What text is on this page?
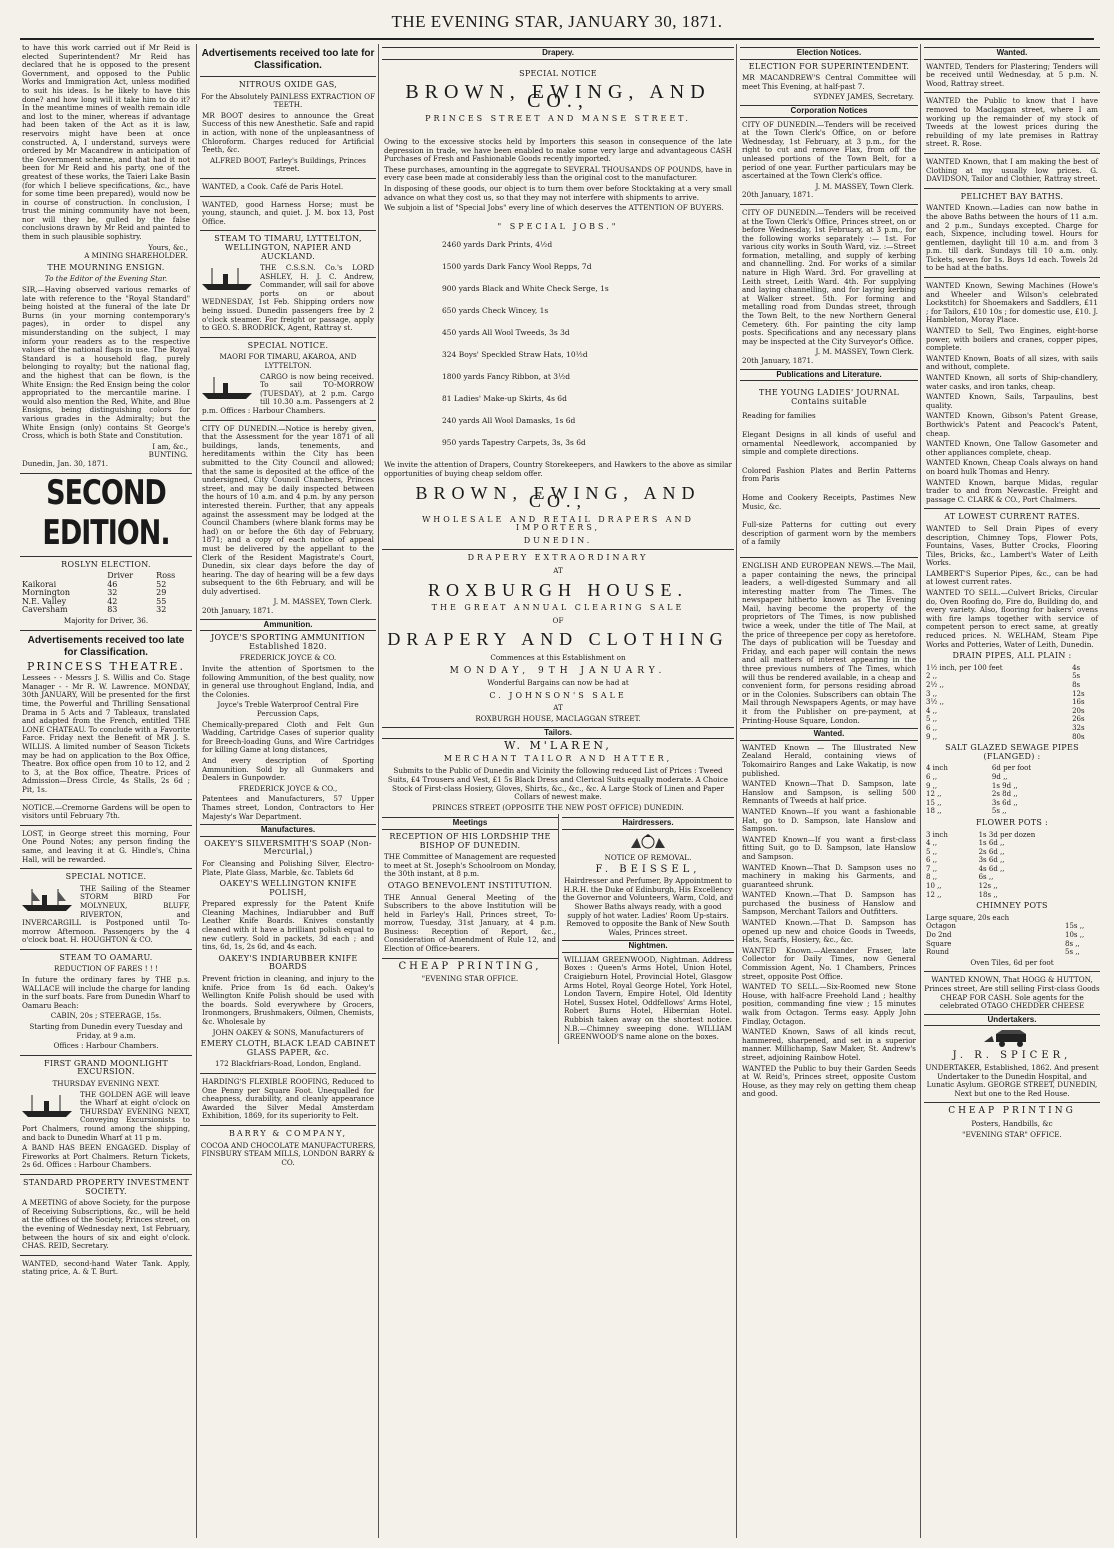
THE EVENING STAR, JANUARY 30, 1871.

to have this work carried out if Mr Reid is elected Superintendent? Mr Reid has declared that he is opposed to the present Government, and opposed to the Public Works and Immigration Act, unless modified to suit his ideas. Is he likely to have this done? and how long will it take him to do it? In the meantime mines of wealth remain idle and lost to the miner, whereas if advantage had been taken of the Act as it is law, reservoirs might have been at once constructed. A, I understand, surveys were ordered by Mr Macandrew in anticipation of the Government scheme, and that had it not been for Mr Reid and his party, one of the greatest of these works, the Taieri Lake Basin (for which I believe specifications, &c., have for some time been prepared), would now be in course of construction. In conclusion, I trust the mining community have not been, nor will they be, gulled by the false conclusions drawn by Mr Reid and painted to them in such plausible sophistry.

Yours, &c.,

A MINING SHAREHOLDER.

THE MOURNING ENSIGN.
To the Editor of the Evening Star.

SIR,—Having observed various remarks of late with reference to the "Royal Standard" being hoisted at the funeral of the late Dr Burns (in your morning contemporary's pages), in order to dispel any misunderstanding on the subject, I may inform your readers as to the respective values of the national flags in use. The Royal Standard is a household flag, purely belonging to royalty; but the national flag, and the highest that can be flown, is the White Ensign: the Red Ensign being the color appropriated to the mercantile marine. I would also mention the Red, White, and Blue Ensigns, being distinguishing colors for various grades in the Admiralty; but the White Ensign (only) contains St George's Cross, which is both State and Constitution.

I am, &c.,

BUNTING.

Dunedin, Jan. 30, 1871.

SECOND EDITION.
ROSLYN ELECTION.
	Driver	Ross
Kaikorai	46	52
Mornington	32	29
N.E. Valley	42	55
Caversham	83	32
Majority for Driver, 36.
Advertisements received too late for Classification.
PRINCESS THEATRE.

Lessees - - Messrs J. S. Willis and Co. Stage Manager - - Mr R. W. Lawrence. MONDAY, 30th JANUARY, Will be presented for the first time, the Powerful and Thrilling Sensational Drama in 5 Acts and 7 Tableaux, translated and adapted from the French, entitled THE LONE CHATEAU. To conclude with a Favorite Farce. Friday next the Benefit of MR J. S. WILLIS. A limited number of Season Tickets may be had on application to the Box Office, Theatre. Box office open from 10 to 12, and 2 to 3, at the Box office, Theatre. Prices of Admission—Dress Circle, 4s Stalls, 2s 6d ; Pit, 1s.

NOTICE.—Cremorne Gardens will be open to visitors until February 7th.

LOST, in George street this morning, Four One Pound Notes; any person finding the same, and leaving it at G. Hindle's, China Hall, will be rewarded.

SPECIAL NOTICE.

THE Sailing of the Steamer STORM BIRD For MOLYNEUX, BLUFF, RIVERTON, and INVERCARGILL is Postponed until To-morrow Afternoon. Passengers by the 4 o'clock boat. H. HOUGHTON & CO.

STEAM TO OAMARU.
REDUCTION OF FARES ! ! !

In future the ordinary fares by THE p.s. WALLACE will include the charge for landing in the surf boats. Fare from Dunedin Wharf to Oamaru Beach:

CABIN, 20s ; STEERAGE, 15s.
Starting from Dunedin every Tuesday and Friday, at 9 a.m.
Offices : Harbour Chambers.
FIRST GRAND MOONLIGHT EXCURSION.
THURSDAY EVENING NEXT.

THE GOLDEN AGE will leave the Wharf at eight o'clock on THURSDAY EVENING NEXT, Conveying Excursionists to Port Chalmers, round among the shipping, and back to Dunedin Wharf at 11 p m.

A BAND HAS BEEN ENGAGED. Display of Fireworks at Port Chalmers. Return Tickets, 2s 6d. Offices : Harbour Chambers.

STANDARD PROPERTY INVESTMENT SOCIETY.

A MEETING of above Society, for the purpose of Receiving Subscriptions, &c., will be held at the offices of the Society, Princes street, on the evening of Wednesday next, 1st February, between the hours of six and eight o'clock. CHAS. REID, Secretary.

WANTED, second-hand Water Tank. Apply, stating price, A. & T. Burt.

Advertisements received too late for Classification.
NITROUS OXIDE GAS,
For the Absolutely PAINLESS EXTRACTION OF TEETH.

MR BOOT desires to announce the Great Success of this new Anesthetic. Safe and rapid in action, with none of the unpleasantness of Chloroform. Charges reduced for Artificial Teeth, &c.

ALFRED BOOT, Farley's Buildings, Princes street.

WANTED, a Cook. Café de Paris Hotel.

WANTED, good Harness Horse; must be young, staunch, and quiet. J. M. box 13, Post Office.

STEAM TO TIMARU, LYTTELTON, WELLINGTON, NAPIER AND AUCKLAND.

THE C.S.S.N. Co.'s LORD ASHLEY, H. J. C. Andrew, Commander, will sail for above ports on or about WEDNESDAY, 1st Feb. Shipping orders now being issued. Dunedin passengers free by 2 o'clock steamer. For freight or passage, apply to GEO. S. BRODRICK, Agent, Rattray st.

SPECIAL NOTICE.
MAORI FOR TIMARU, AKAROA, AND LYTTELTON.

CARGO is now being received. To sail TO-MORROW (TUESDAY), at 2 p.m. Cargo till 10.30 a.m. Passengers at 2 p.m. Offices : Harbour Chambers.

CITY OF DUNEDIN.—Notice is hereby given, that the Assessment for the year 1871 of all buildings, lands, tenements, and hereditaments within the City has been submitted to the City Council and allowed; that the same is deposited at the office of the undersigned, City Council Chambers, Princes street, and may be daily inspected between the hours of 10 a.m. and 4 p.m. by any person interested therein. Further, that any appeals against the assessment may be lodged at the Council Chambers (where blank forms may be had) on or before the 6th day of February, 1871; and a copy of each notice of appeal must be delivered by the appellant to the Clerk of the Resident Magistrate's Court, Dunedin, six clear days before the day of hearing. The day of hearing will be a few days subsequent to the 6th February, and will be duly advertised.

J. M. MASSEY, Town Clerk.

20th January, 1871.

Ammunition.
JOYCE'S SPORTING AMMUNITION Established 1820.
FREDERICK JOYCE & CO.

Invite the attention of Sportsmen to the following Ammunition, of the best quality, now in general use throughout England, India, and the Colonies.

Joyce's Treble Waterproof Central Fire Percussion Caps,

Chemically-prepared Cloth and Felt Gun Wadding, Cartridge Cases of superior quality for Breech-loading Guns, and Wire Cartridges for killing Game at long distances,

And every description of Sporting Ammunition. Sold by all Gunmakers and Dealers in Gunpowder.

FREDERICK JOYCE & CO.,

Patentees and Manufacturers, 57 Upper Thames street, London, Contractors to Her Majesty's War Department.

Manufactures.
OAKEY'S SILVERSMITH'S SOAP (Non-Mercurial,)

For Cleansing and Polishing Silver, Electro-Plate, Plate Glass, Marble, &c. Tablets 6d

OAKEY'S WELLINGTON KNIFE POLISH,

Prepared expressly for the Patent Knife Cleaning Machines, Indiarubber and Buff Leather Knife Boards. Knives constantly cleaned with it have a brilliant polish equal to new cutlery. Sold in packets, 3d each ; and tins, 6d, 1s, 2s 6d, and 4s each.

OAKEY'S INDIARUBBER KNIFE BOARDS

Prevent friction in cleaning, and injury to the knife. Price from 1s 6d each. Oakey's Wellington Knife Polish should be used with the boards. Sold everywhere by Grocers, Ironmongers, Brushmakers, Oilmen, Chemists, &c. Wholesale by

JOHN OAKEY & SONS, Manufacturers of
EMERY CLOTH, BLACK LEAD CABINET GLASS PAPER, &c.
172 Blackfriars-Road, London, England.

HARDING'S FLEXIBLE ROOFING, Reduced to One Penny per Square Foot. Unequalled for cheapness, durability, and cleanly appearance Awarded the Silver Medal Amsterdam Exhibition, 1869, for its superiority to Felt.

BARRY & COMPANY,
COCOA AND CHOCOLATE MANUFACTURERS, FINSBURY STEAM MILLS, LONDON BARRY & CO.
Drapery.
SPECIAL NOTICE
BROWN, EWING, AND CO.,
PRINCES STREET AND MANSE STREET.

Owing to the excessive stocks held by Importers this season in consequence of the late depression in trade, we have been enabled to make some very large and advantageous CASH Purchases of Fresh and Fashionable Goods recently imported.

These purchases, amounting in the aggregate to SEVERAL THOUSANDS OF POUNDS, have in every case been made at considerably less than the original cost to the manufacturer.

In disposing of these goods, our object is to turn them over before Stocktaking at a very small advance on what they cost us, so that they may not interfere with shipments to arrive.

We subjoin a list of "Special Jobs" every line of which deserves the ATTENTION OF BUYERS.

" SPECIAL JOBS."
2460 yards Dark Prints, 4½d
1500 yards Dark Fancy Wool Repps, 7d
900 yards Black and White Check Serge, 1s
650 yards Check Wincey, 1s
450 yards All Wool Tweeds, 3s 3d
324 Boys' Speckled Straw Hats, 10½d
1800 yards Fancy Ribbon, at 3½d
81 Ladies' Make-up Skirts, 4s 6d
240 yards All Wool Damasks, 1s 6d
950 yards Tapestry Carpets, 3s, 3s 6d

We invite the attention of Drapers, Country Storekeepers, and Hawkers to the above as similar opportunities of buying cheap seldom offer.

BROWN, EWING, AND CO.,
WHOLESALE AND RETAIL DRAPERS AND IMPORTERS,
DUNEDIN.
DRAPERY EXTRAORDINARY
AT
ROXBURGH HOUSE.
THE GREAT ANNUAL CLEARING SALE
OF
DRAPERY AND CLOTHING
Commences at this Establishment on
MONDAY, 9TH JANUARY.
Wonderful Bargains can now be had at
C. JOHNSON'S SALE
AT
ROXBURGH HOUSE, MACLAGGAN STREET.
Tailors.
W. M'LAREN,
MERCHANT TAILOR AND HATTER,

Submits to the Public of Dunedin and Vicinity the following reduced List of Prices : Tweed Suits, £4 Trousers and Vest, £1 5s Black Dress and Clerical Suits equally moderate. A Choice Stock of First-class Hosiery, Gloves, Shirts, &c., &c., &c. A Large Stock of Linen and Paper Collars of newest make.

PRINCES STREET (OPPOSITE THE NEW POST OFFICE) DUNEDIN.
Meetings
RECEPTION OF HIS LORDSHIP THE BISHOP OF DUNEDIN.

THE Committee of Management are requested to meet at St. Joseph's Schoolroom on Monday, the 30th instant, at 8 p.m.

OTAGO BENEVOLENT INSTITUTION.

THE Annual General Meeting of the Subscribers to the above Institution will be held in Farley's Hall, Princes street, To-morrow, Tuesday, 31st January, at 4 p.m. Business: Reception of Report, &c., Consideration of Amendment of Rule 12, and Election of Office-bearers.

CHEAP PRINTING,
"EVENING STAR OFFICE.
Hairdressers.
NOTICE OF REMOVAL.
F. BEISSEL,

Hairdresser and Perfumer, By Appointment to H.R.H. the Duke of Edinburgh, His Excellency the Governor and Volunteers, Warm, Cold, and Shower Baths always ready, with a good supply of hot water. Ladies' Room Up-stairs. Removed to opposite the Bank of New South Wales, Princes street.

Nightmen.

WILLIAM GREENWOOD, Nightman. Address Boxes : Queen's Arms Hotel, Union Hotel, Craigieburn Hotel, Provincial Hotel, Glasgow Arms Hotel, Royal George Hotel, York Hotel, London Tavern, Empire Hotel, Old Identity Hotel, Sussex Hotel, Oddfellows' Arms Hotel, Robert Burns Hotel, Hibernian Hotel. Rubbish taken away on the shortest notice. N.B.—Chimney sweeping done. WILLIAM GREENWOOD'S name alone on the boxes.

Election Notices.
ELECTION FOR SUPERINTENDENT.

MR MACANDREW'S Central Committee will meet This Evening, at half-past 7.

SYDNEY JAMES, Secretary.

Corporation Notices

CITY OF DUNEDIN.—Tenders will be received at the Town Clerk's Office, on or before Wednesday, 1st February, at 3 p.m., for the right to cut and remove Flax, from off the unleased portions of the Town Belt, for a period of one year. Further particulars may be ascertained at the Town Clerk's office.

J. M. MASSEY, Town Clerk.

20th January, 1871.

CITY OF DUNEDIN.—Tenders will be received at the Town Clerk's Office, Princes street, on or before Wednesday, 1st February, at 3 p.m., for the following works separately :— 1st. For various city works in South Ward, viz. :—Street formation, metalling, and supply of kerbing and channelling. 2nd. For works of a similar nature in High Ward. 3rd. For gravelling at Leith street, Leith Ward. 4th. For supplying and laying channelling, and for laying kerbing at Walker street. 5th. For forming and metalling road from Dundas street, through the Town Belt, to the new Northern General Cemetery. 6th. For painting the city lamp posts. Specifications and any necessary plans may be inspected at the City Surveyor's Office.

J. M. MASSEY, Town Clerk.

20th January, 1871.

Publications and Literature.
THE YOUNG LADIES' JOURNAL Contains suitable

Reading for families

Elegant Designs in all kinds of useful and ornamental Needlework, accompanied by simple and complete directions.

Colored Fashion Plates and Berlin Patterns from Paris

Home and Cookery Receipts, Pastimes New Music, &c.

Full-size Patterns for cutting out every description of garment worn by the members of a family

ENGLISH AND EUROPEAN NEWS.—The Mail, a paper containing the news, the principal leaders, a well-digested Summary and all interesting matter from The Times. The newspaper hitherto known as The Evening Mail, having become the property of the proprietors of The Times, is now published twice a week, under the title of The Mail, at the price of threepence per copy as heretofore. The days of publication will be Tuesday and Friday, and each paper will contain the news and all matters of interest appearing in the three previous numbers of The Times, which will thus be rendered available, in a cheap and convenient form, for persons residing abroad or in the Colonies. Subscribers can obtain The Mail through Newspapers Agents, or may have it from the Publisher on pre-payment, at Printing-House Square, London.

Wanted.

WANTED Known — The Illustrated New Zealand Herald, containing views of Tokomairiro Ranges and Lake Wakatip, is now published.

WANTED Known—That D. Sampson, late Hanslow and Sampson, is selling 500 Remnants of Tweeds at half price.

WANTED Known—If you want a fashionable Hat, go to D. Sampson, late Hanslow and Sampson.

WANTED Known—If you want a first-class fitting Suit, go to D. Sampson, late Hanslow and Sampson.

WANTED Known—That D. Sampson uses no machinery in making his Garments, and guaranteed shrunk.

WANTED Known.—That D. Sampson has purchased the business of Hanslow and Sampson, Merchant Tailors and Outfitters.

WANTED Known.—That D. Sampson has opened up new and choice Goods in Tweeds, Hats, Scarfs, Hosiery, &c., &c.

WANTED Known.—Alexander Fraser, late Collector for Daily Times, now General Commission Agent, No. 1 Chambers, Princes street, opposite Post Office.

WANTED TO SELL.—Six-Roomed new Stone House, with half-acre Freehold Land ; healthy position, commanding fine view ; 15 minutes walk from Octagon. Terms easy. Apply John Findlay, Octagon.

WANTED Known, Saws of all kinds recut, hammered, sharpened, and set in a superior manner. Millichamp, Saw Maker, St. Andrew's street, adjoining Rainbow Hotel.

WANTED the Public to buy their Garden Seeds at W. Reid's, Princes street, opposite Custom House, as they may rely on getting them cheap and good.

Wanted.

WANTED, Tenders for Plastering; Tenders will be received until Wednesday, at 5 p.m. N. Wood, Rattray street.

WANTED the Public to know that I have removed to Maclaggan street, where I am working up the remainder of my stock of Tweeds at the lowest prices during the rebuilding of my late premises in Rattray street. R. Rose.

WANTED Known, that I am making the best of Clothing at my usually low prices. G. DAVIDSON, Tailor and Clothier, Rattray street.

PELICHET BAY BATHS.

WANTED Known.—Ladies can now bathe in the above Baths between the hours of 11 a.m. and 2 p.m., Sundays excepted. Charge for each, Sixpence, including towel. Hours for gentlemen, daylight till 10 a.m. and from 3 p.m. till dark. Sundays till 10 a.m. only. Tickets, seven for 1s. Boys 1d each. Towels 2d to be had at the baths.

WANTED Known, Sewing Machines (Howe's and Wheeler and Wilson's celebrated Lockstitch) for Shoemakers and Saddlers, £11 ; for Tailors, £10 10s ; for domestic use, £10. J. Hambleton, Moray Place.

WANTED to Sell, Two Engines, eight-horse power, with boilers and cranes, copper pipes, complete.

WANTED Known, Boats of all sizes, with sails and without, complete.

WANTED Known, all sorts of Ship-chandlery, water casks, and iron tanks, cheap.

WANTED Known, Sails, Tarpaulins, best quality.

WANTED Known, Gibson's Patent Grease, Borthwick's Patent and Peacock's Patent, cheap.

WANTED Known, One Tallow Gasometer and other appliances complete, cheap.

WANTED Known, Cheap Coals always on hand on board hulk Thomas and Henry.

WANTED Known, barque Midas, regular trader to and from Newcastle. Freight and passage C. CLARK & CO., Port Chalmers.

AT LOWEST CURRENT RATES.

WANTED to Sell Drain Pipes of every description, Chimney Tops, Flower Pots, Fountains, Vases, Butter Crocks, Flooring Tiles, Bricks, &c., Lambert's Water of Leith Works.

LAMBERT'S Superior Pipes, &c., can be had at lowest current rates.

WANTED TO SELL.—Culvert Bricks, Circular do, Oven Roofing do, Fire do, Building do, and every variety. Also, flooring for bakers' ovens with fire lamps together with service of competent person to erect same, at greatly reduced prices. N. WELHAM, Steam Pipe Works and Potteries, Water of Leith, Dunedin.

DRAIN PIPES, ALL PLAIN :
1½ inch, per 100 feet	4s
2 ,,	5s
2½ ,,	8s
3 ,,	12s
3½ ,,	16s
4 ,,	20s
5 ,,	26s
6 ,,	32s
9 ,,	80s
SALT GLAZED SEWAGE PIPES (FLANGED) :
4 inch	6d per foot
6 ,,	9d ,,
9 ,,	1s 9d ,,
12 ,,	2s 8d ,,
15 ,,	3s 6d ,,
18 ,,	5s ,,
FLOWER POTS :
3 inch	1s 3d per dozen
4 ,,	1s 6d ,,
5 ,,	2s 6d ,,
6 ,,	3s 6d ,,
7 ,,	4s 6d ,,
8 ,,	6s ,,
10 ,,	12s ,,
12 ,,	18s ,,
CHIMNEY POTS
Large square, 20s each	
Octagon	15s ,,
Do 2nd	10s ,,
Square	8s ,,
Round	5s ,,
Oven Tiles, 6d per foot

WANTED KNOWN, That HOGG & HUTTON, Princes street, Are still selling First-class Goods CHEAP FOR CASH. Sole agents for the celebrated OTAGO CHEDDER CHEESE

Undertakers.
J. R. SPICER,

UNDERTAKER, Established, 1862. And present Undertaker to the Dunedin Hospital, and Lunatic Asylum. GEORGE STREET, DUNEDIN, Next but one to the Red House.

CHEAP PRINTING
Posters, Handbills, &c
"EVENING STAR" OFFICE.
